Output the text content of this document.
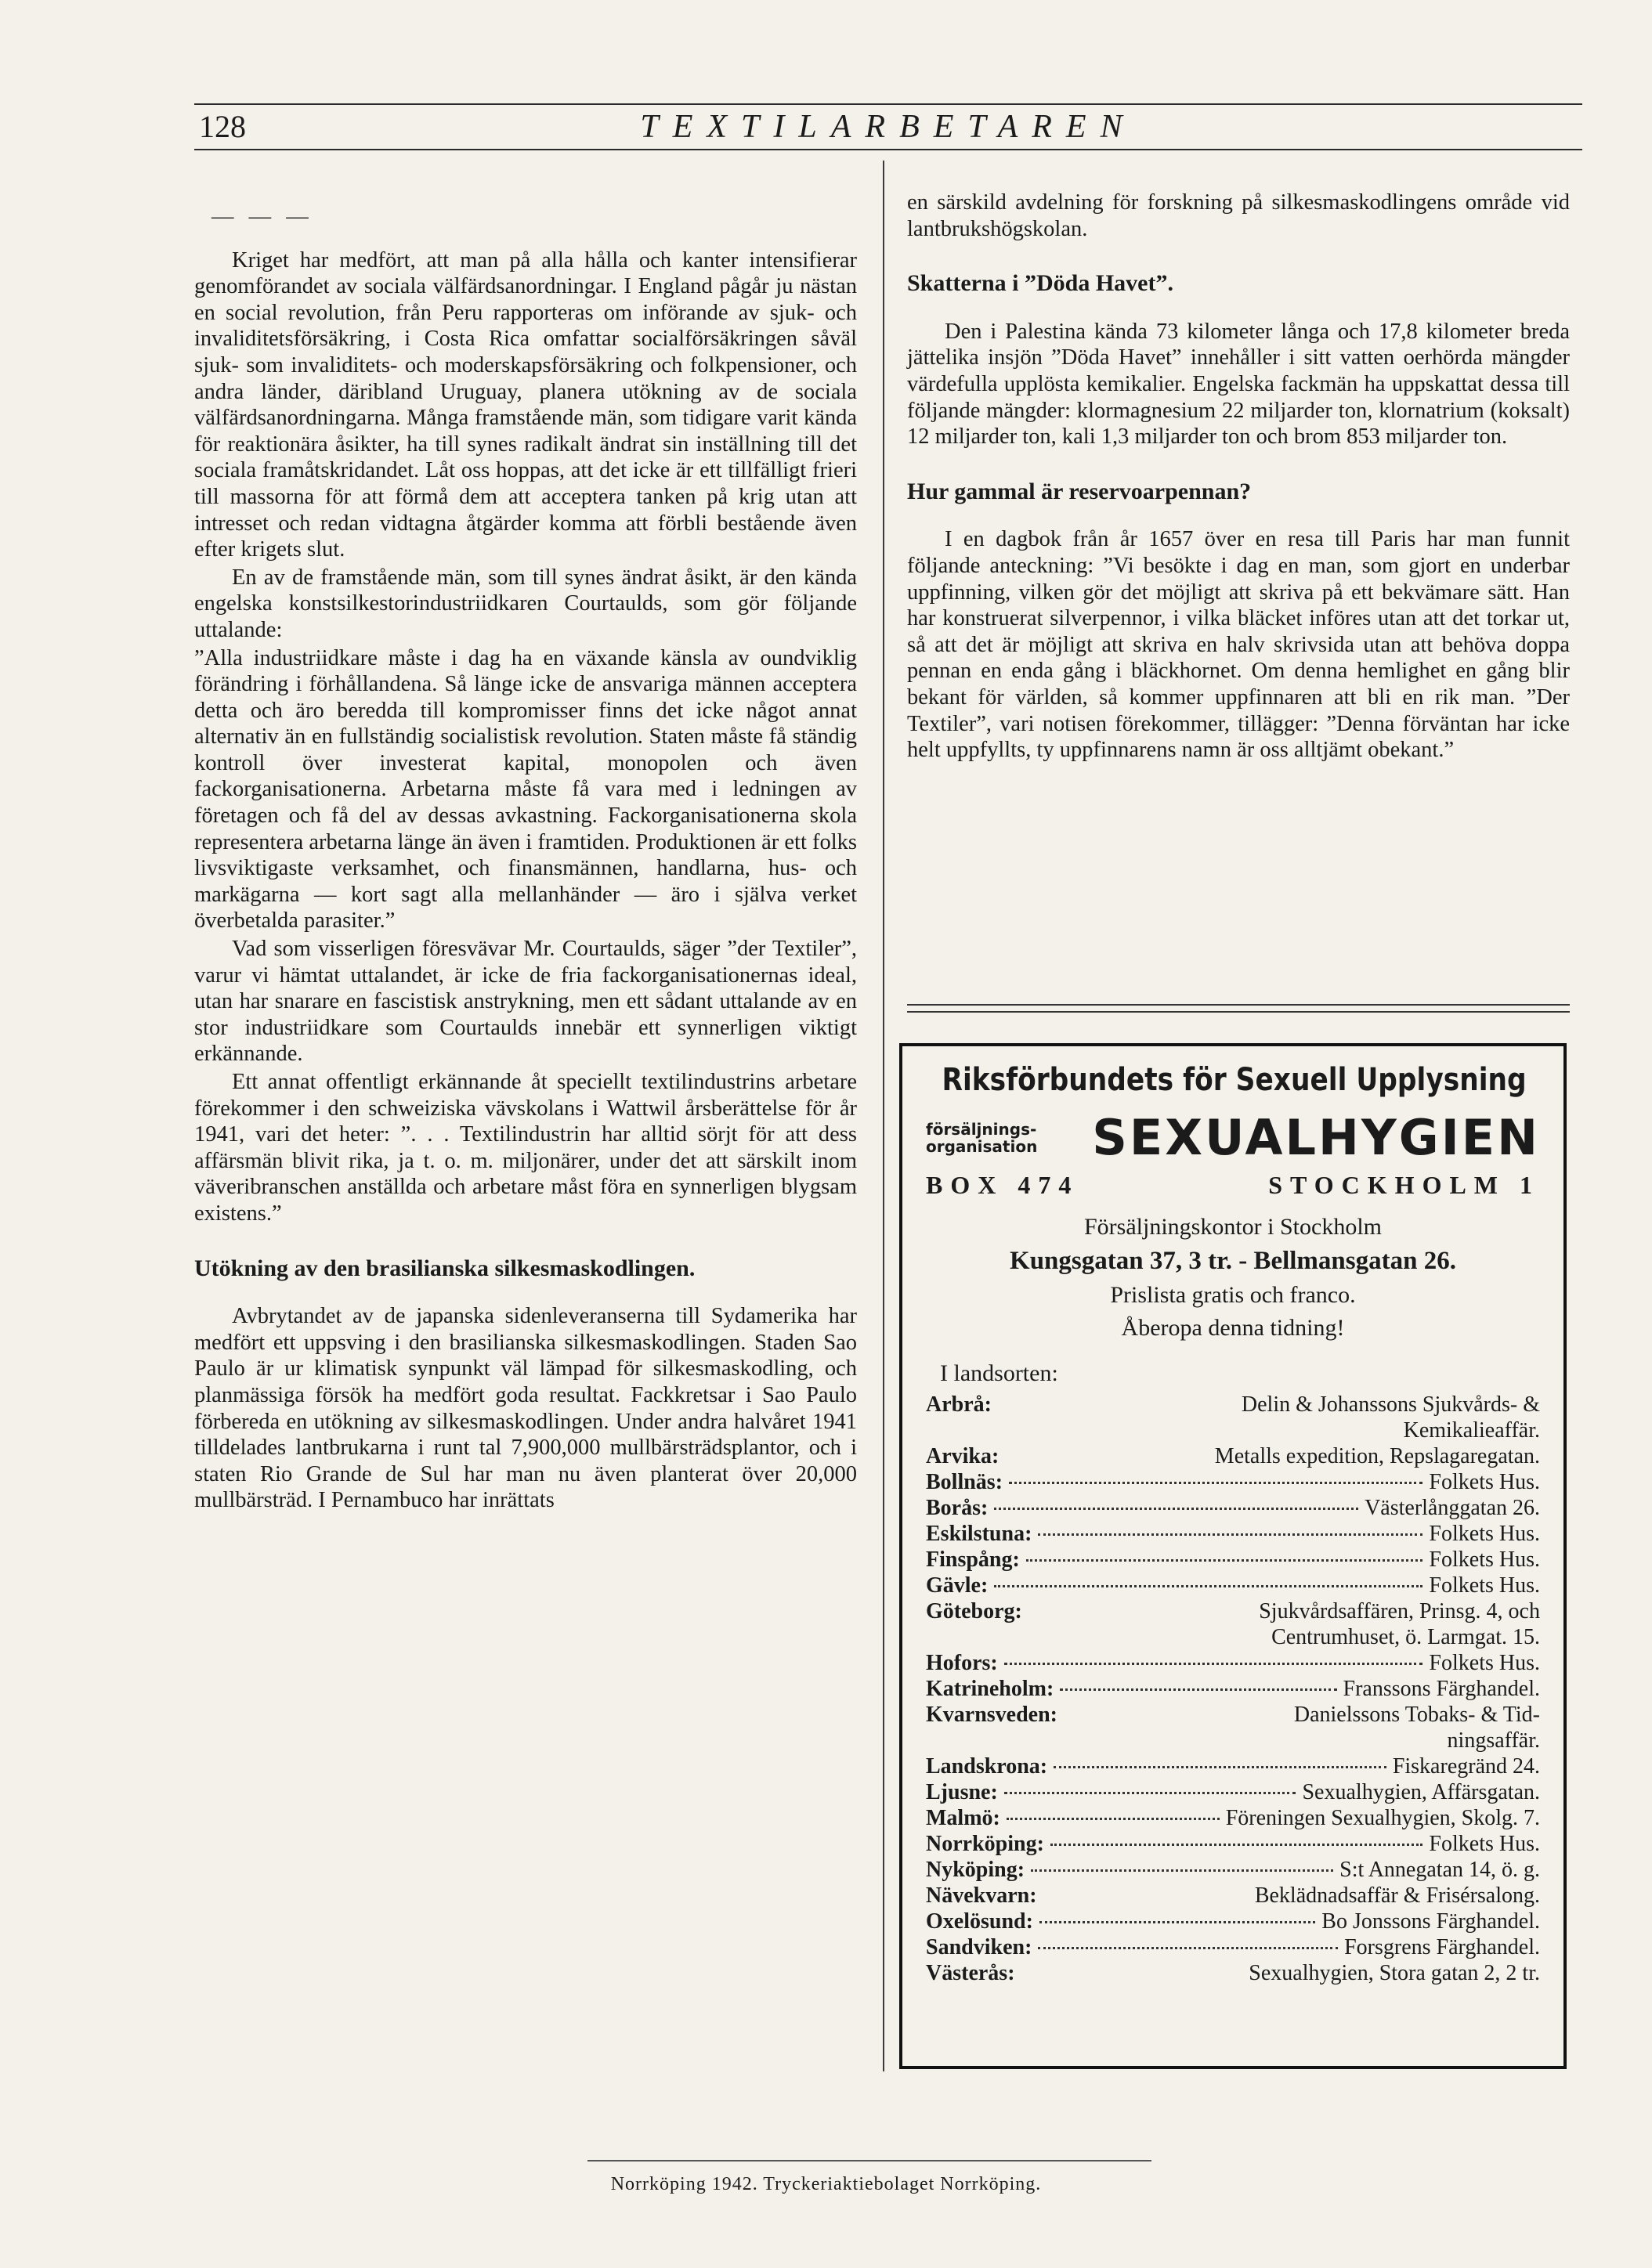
128	TEXTILARBETAREN

— — —

Kriget har medfört, att man på alla hålla och kanter intensifierar genomförandet av sociala välfärdsanordningar. I England pågår ju nästan en social revolution, från Peru rapporteras om införande av sjuk- och invaliditetsförsäkring, i Costa Rica omfattar socialförsäkringen såväl sjuk- som invaliditets- och moderskapsförsäkring och folkpensioner, och andra länder, däribland Uruguay, planera utökning av de sociala välfärdsanordningarna. Många framstående män, som tidigare varit kända för reaktionära åsikter, ha till synes radikalt ändrat sin inställning till det sociala framåtskridandet. Låt oss hoppas, att det icke är ett tillfälligt frieri till massorna för att förmå dem att acceptera tanken på krig utan att intresset och redan vidtagna åtgärder komma att förbli bestående även efter krigets slut.

En av de framstående män, som till synes ändrat åsikt, är den kända engelska konstsilkestorindustriidkaren Courtaulds, som gör följande uttalande:

”Alla industriidkare måste i dag ha en växande känsla av oundviklig förändring i förhållandena. Så länge icke de ansvariga männen acceptera detta och äro beredda till kompromisser finns det icke något annat alternativ än en fullständig socialistisk revolution. Staten måste få ständig kontroll över investerat kapital, monopolen och även fackorganisationerna. Arbetarna måste få vara med i ledningen av företagen och få del av dessas avkastning. Fackorganisationerna skola representera arbetarna länge än även i framtiden. Produktionen är ett folks livsviktigaste verksamhet, och finansmännen, handlarna, hus- och markägarna — kort sagt alla mellanhänder — äro i själva verket överbetalda parasiter.”

Vad som visserligen föresvävar Mr. Courtaulds, säger ”der Textiler”, varur vi hämtat uttalandet, är icke de fria fackorganisationernas ideal, utan har snarare en fascistisk anstrykning, men ett sådant uttalande av en stor industriidkare som Courtaulds innebär ett synnerligen viktigt erkännande.

Ett annat offentligt erkännande åt speciellt textilindustrins arbetare förekommer i den schweiziska vävskolans i Wattwil årsberättelse för år 1941, vari det heter: ”. . . Textilindustrin har alltid sörjt för att dess affärsmän blivit rika, ja t. o. m. miljonärer, under det att särskilt inom väveribranschen anställda och arbetare måst föra en synnerligen blygsam existens.”

Utökning av den brasilianska silkesmaskodlingen.

Avbrytandet av de japanska sidenleveranserna till Sydamerika har medfört ett uppsving i den brasilianska silkesmaskodlingen. Staden Sao Paulo är ur klimatisk synpunkt väl lämpad för silkesmaskodling, och planmässiga försök ha medfört goda resultat. Fackkretsar i Sao Paulo förbereda en utökning av silkesmaskodlingen. Under andra halvåret 1941 tilldelades lantbrukarna i runt tal 7,900,000 mullbärsträdsplantor, och i staten Rio Grande de Sul har man nu även planterat över 20,000 mullbärsträd. I Pernambuco har inrättats

en särskild avdelning för forskning på silkesmaskodlingens område vid lantbrukshögskolan.

Skatterna i ”Döda Havet”.

Den i Palestina kända 73 kilometer långa och 17,8 kilometer breda jättelika insjön ”Döda Havet” innehåller i sitt vatten oerhörda mängder värdefulla upplösta kemikalier. Engelska fackmän ha uppskattat dessa till följande mängder: klormagnesium 22 miljarder ton, klornatrium (koksalt) 12 miljarder ton, kali 1,3 miljarder ton och brom 853 miljarder ton.

Hur gammal är reservoarpennan?

I en dagbok från år 1657 över en resa till Paris har man funnit följande anteckning: ”Vi besökte i dag en man, som gjort en underbar uppfinning, vilken gör det möjligt att skriva på ett bekvämare sätt. Han har konstruerat silverpennor, i vilka bläcket införes utan att det torkar ut, så att det är möjligt att skriva en halv skrivsida utan att behöva doppa pennan en enda gång i bläckhornet. Om denna hemlighet en gång blir bekant för världen, så kommer uppfinnaren att bli en rik man. ”Der Textiler”, vari notisen förekommer, tillägger: ”Denna förväntan har icke helt uppfyllts, ty uppfinnarens namn är oss alltjämt obekant.”

Riksförbundets för Sexuell Upplysning
försäljnings-
organisation	SEXUALHYGIEN
BOX 474	STOCKHOLM 1
Försäljningskontor i Stockholm
Kungsgatan 37, 3 tr. - Bellmansgatan 26.
Prislista gratis och franco.
Åberopa denna tidning!
I landsorten:
Arbrå:
	Delin & Johanssons Sjukvårds- &
Kemikalieaffär.
Arvika:
	Metalls expedition, Repslagaregatan.
Bollnäs:	Folkets Hus.
Borås:	Västerlånggatan 26.
Eskilstuna:	Folkets Hus.
Finspång:	Folkets Hus.
Gävle:	Folkets Hus.
Göteborg:
	Sjukvårdsaffären, Prinsg. 4, och
Centrumhuset, ö. Larmgat. 15.
Hofors:	Folkets Hus.
Katrineholm:	Franssons Färghandel.
Kvarnsveden:
	Danielssons Tobaks- & Tid-
ningsaffär.
Landskrona:	Fiskaregränd 24.
Ljusne:	Sexualhygien, Affärsgatan.
Malmö:	Föreningen Sexualhygien, Skolg. 7.
Norrköping:	Folkets Hus.
Nyköping:	S:t Annegatan 14, ö. g.
Nävekvarn:
	Beklädnadsaffär & Frisérsalong.
Oxelösund:	Bo Jonssons Färghandel.
Sandviken:	Forsgrens Färghandel.
Västerås:
	Sexualhygien, Stora gatan 2, 2 tr.
Norrköping 1942. Tryckeriaktiebolaget Norrköping.
